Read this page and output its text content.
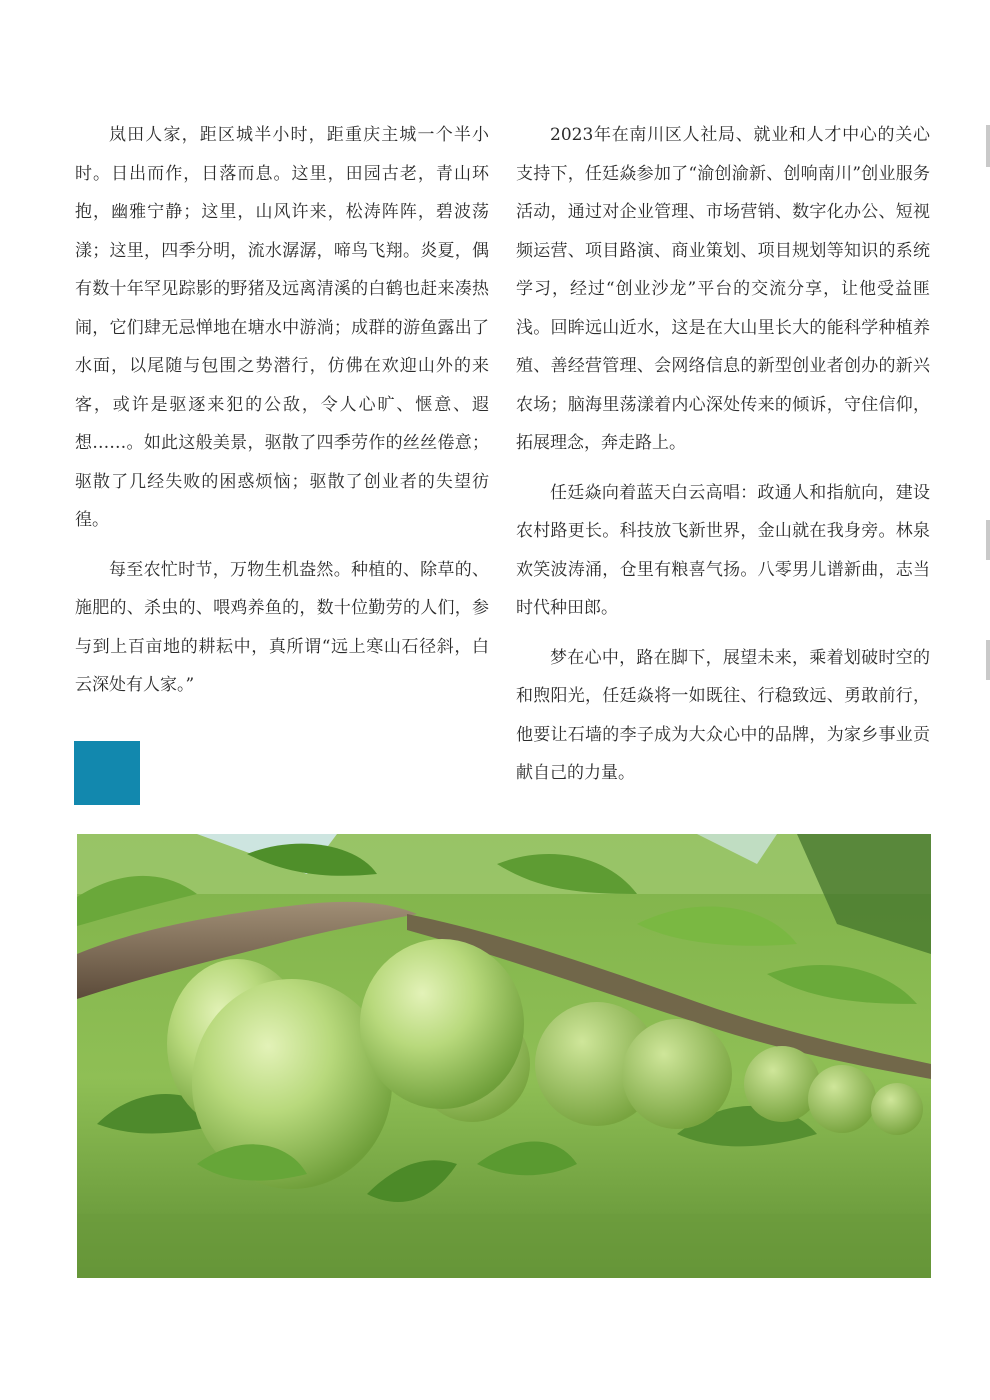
岚田人家，距区城半小时，距重庆主城一个半小时。日出而作，日落而息。这里，田园古老，青山环抱，幽雅宁静；这里，山风许来，松涛阵阵，碧波荡漾；这里，四季分明，流水潺潺，啼鸟飞翔。炎夏，偶有数十年罕见踪影的野猪及远离清溪的白鹤也赶来凑热闹，它们肆无忌惮地在塘水中游淌；成群的游鱼露出了水面，以尾随与包围之势潜行，仿佛在欢迎山外的来客，或许是驱逐来犯的公敌，令人心旷、惬意、遐想……。如此这般美景，驱散了四季劳作的丝丝倦意；驱散了几经失败的困惑烦恼；驱散了创业者的失望彷徨。

每至农忙时节，万物生机盎然。种植的、除草的、施肥的、杀虫的、喂鸡养鱼的，数十位勤劳的人们，参与到上百亩地的耕耘中，真所谓“远上寒山石径斜，白云深处有人家。”

2023年在南川区人社局、就业和人才中心的关心支持下，任廷焱参加了“渝创渝新、创响南川”创业服务活动，通过对企业管理、市场营销、数字化办公、短视频运营、项目路演、商业策划、项目规划等知识的系统学习，经过“创业沙龙”平台的交流分享，让他受益匪浅。回眸远山近水，这是在大山里长大的能科学种植养殖、善经营管理、会网络信息的新型创业者创办的新兴农场；脑海里荡漾着内心深处传来的倾诉，守住信仰，拓展理念，奔走路上。

任廷焱向着蓝天白云高唱：政通人和指航向，建设农村路更长。科技放飞新世界，金山就在我身旁。林泉欢笑波涛涌，仓里有粮喜气扬。八零男儿谱新曲，志当时代种田郎。

梦在心中，路在脚下，展望未来，乘着划破时空的和煦阳光，任廷焱将一如既往、行稳致远、勇敢前行，他要让石墙的李子成为大众心中的品牌，为家乡事业贡献自己的力量。
